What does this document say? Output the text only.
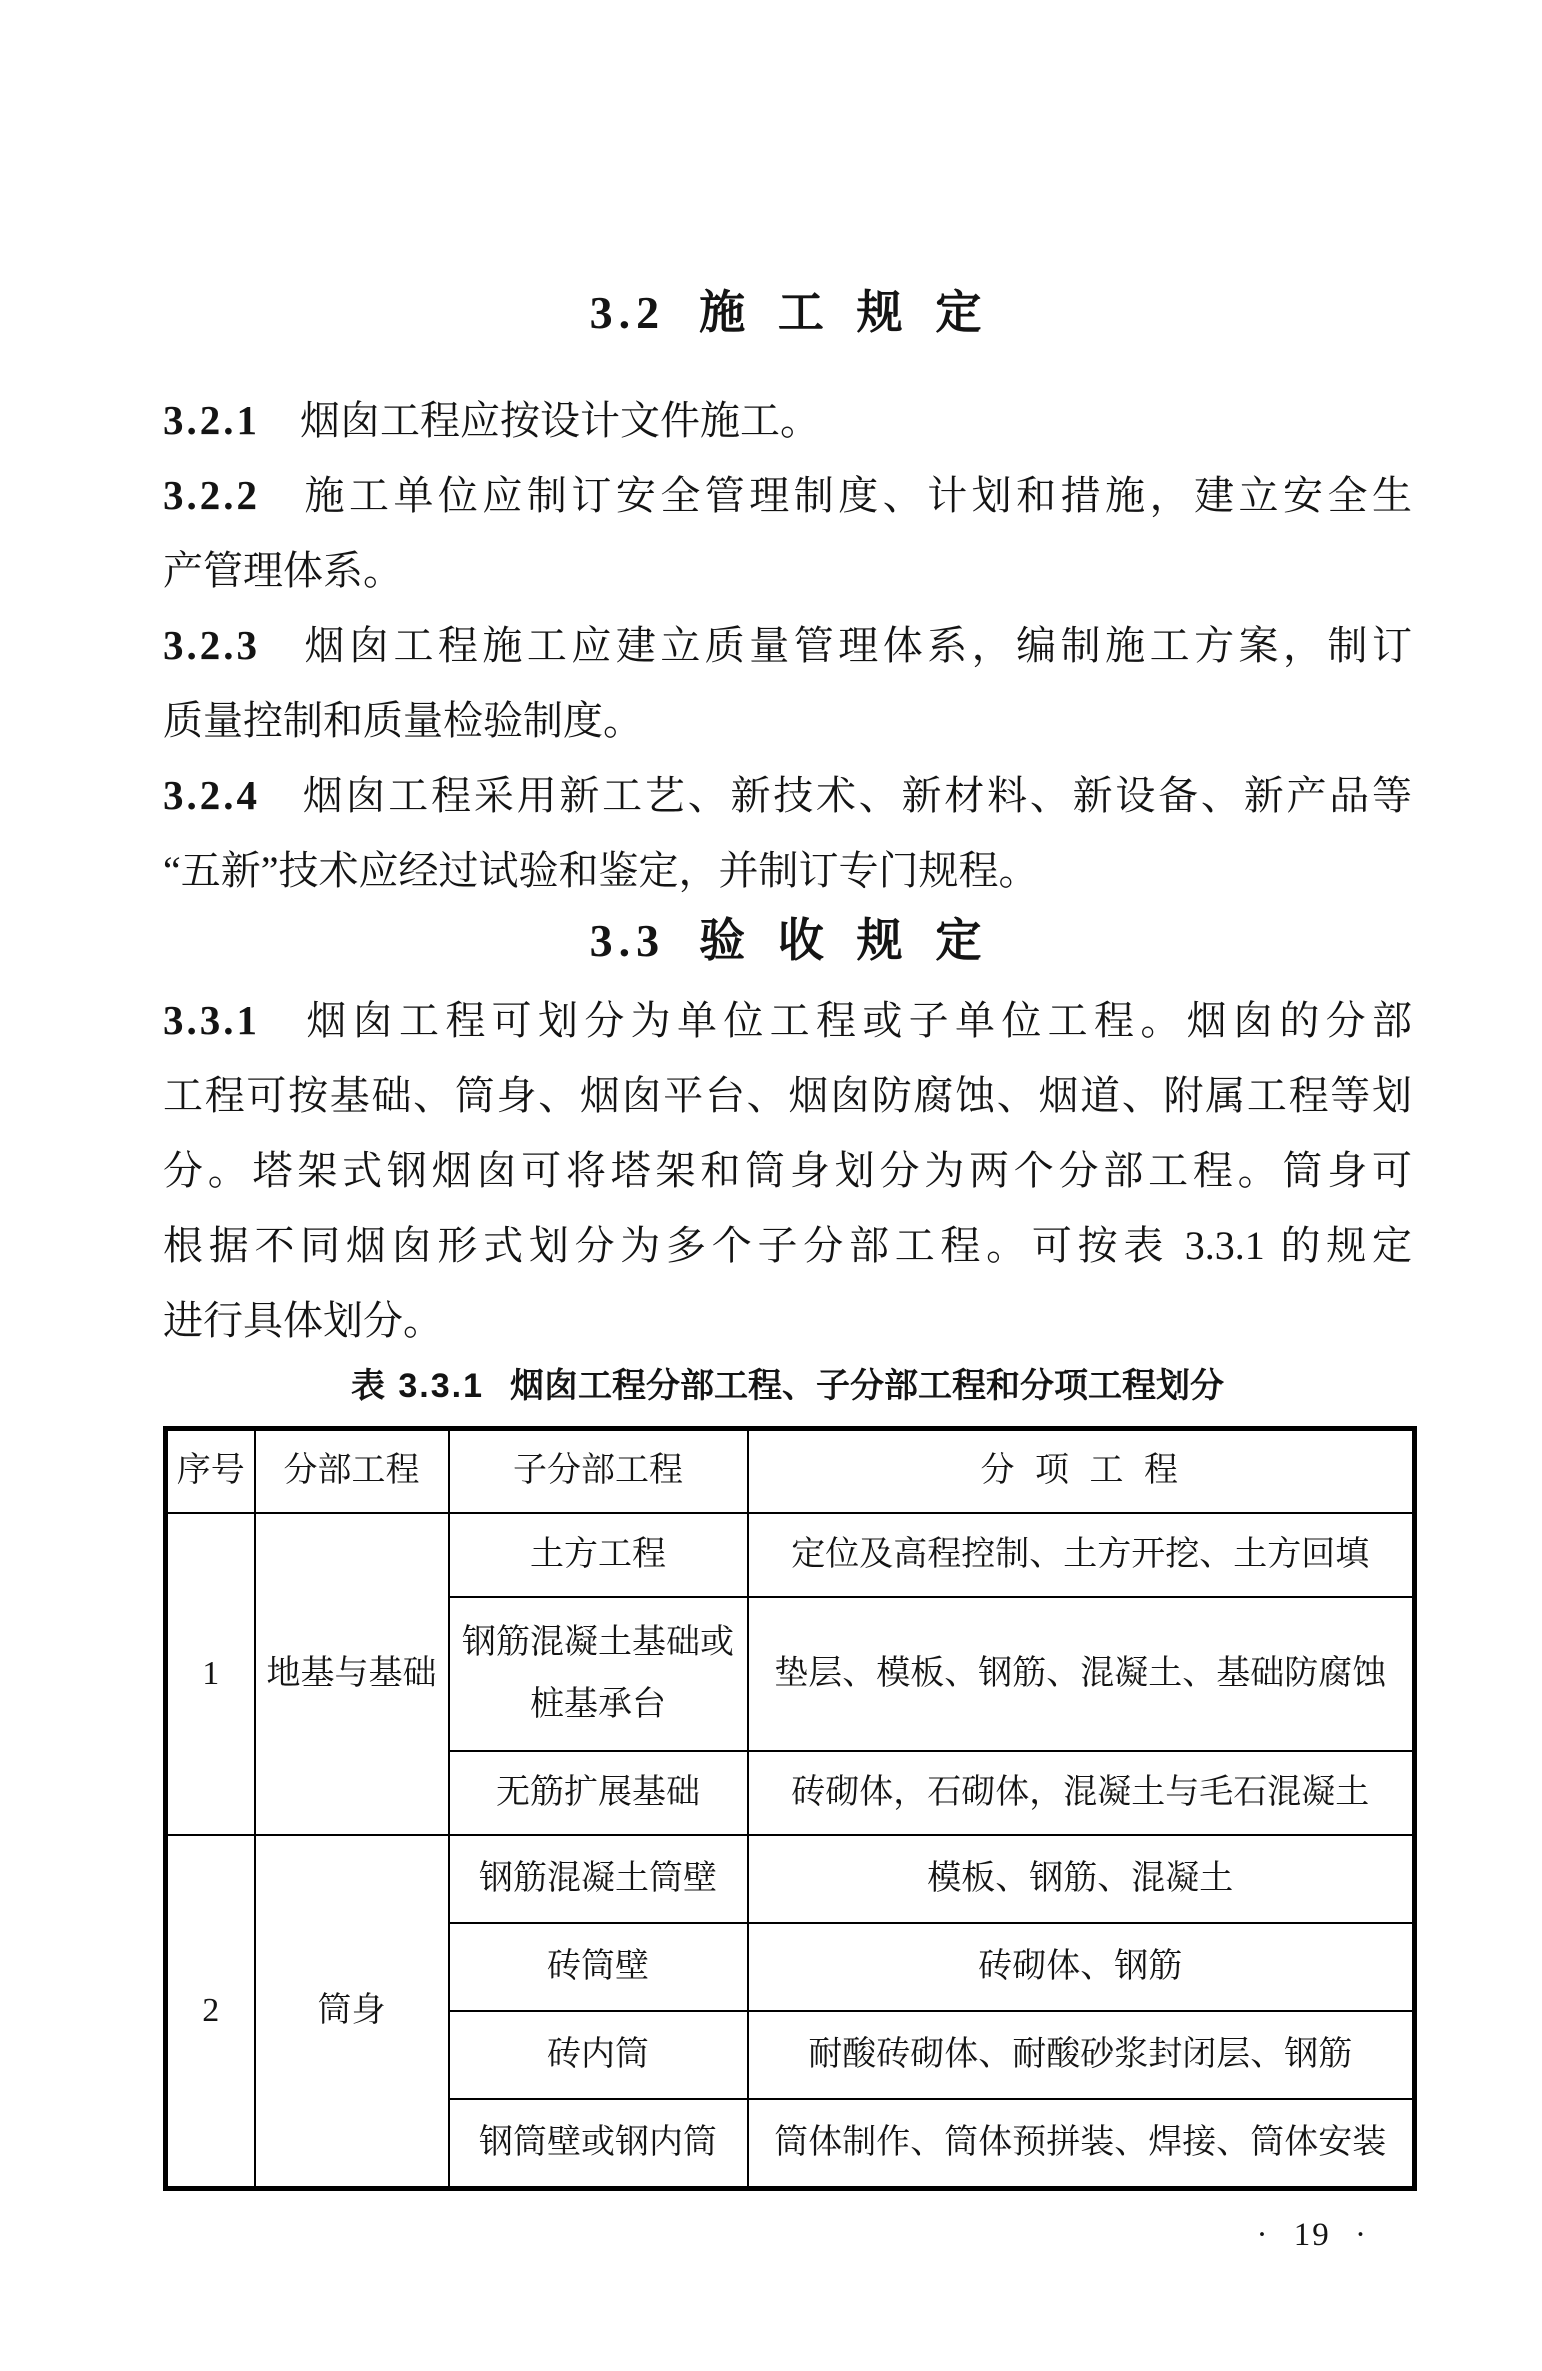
3.2 施 工 规 定
3.2.1 烟囱工程应按设计文件施工。
3.2.2 施工单位应制订安全管理制度、计划和措施，建立安全生
产管理体系。
3.2.3 烟囱工程施工应建立质量管理体系，编制施工方案，制订
质量控制和质量检验制度。
3.2.4 烟囱工程采用新工艺、新技术、新材料、新设备、新产品等
“五新”技术应经过试验和鉴定，并制订专门规程。
3.3 验 收 规 定
3.3.1 烟囱工程可划分为单位工程或子单位工程。烟囱的分部
工程可按基础、筒身、烟囱平台、烟囱防腐蚀、烟道、附属工程等划
分。塔架式钢烟囱可将塔架和筒身划分为两个分部工程。筒身可
根据不同烟囱形式划分为多个子分部工程。可按表 3.3.1 的规定
进行具体划分。
表 3.3.1 烟囱工程分部工程、子分部工程和分项工程划分
序号	分部工程	子分部工程	分 项 工 程
1	地基与基础	土方工程	定位及高程控制、土方开挖、土方回填
		钢筋混凝土基础或桩基承台	垫层、模板、钢筋、混凝土、基础防腐蚀
		无筋扩展基础	砖砌体，石砌体，混凝土与毛石混凝土
2	筒身	钢筋混凝土筒壁	模板、钢筋、混凝土
		砖筒壁	砖砌体、钢筋
		砖内筒	耐酸砖砌体、耐酸砂浆封闭层、钢筋
		钢筒壁或钢内筒	筒体制作、筒体预拼装、焊接、筒体安装
· 19 ·
